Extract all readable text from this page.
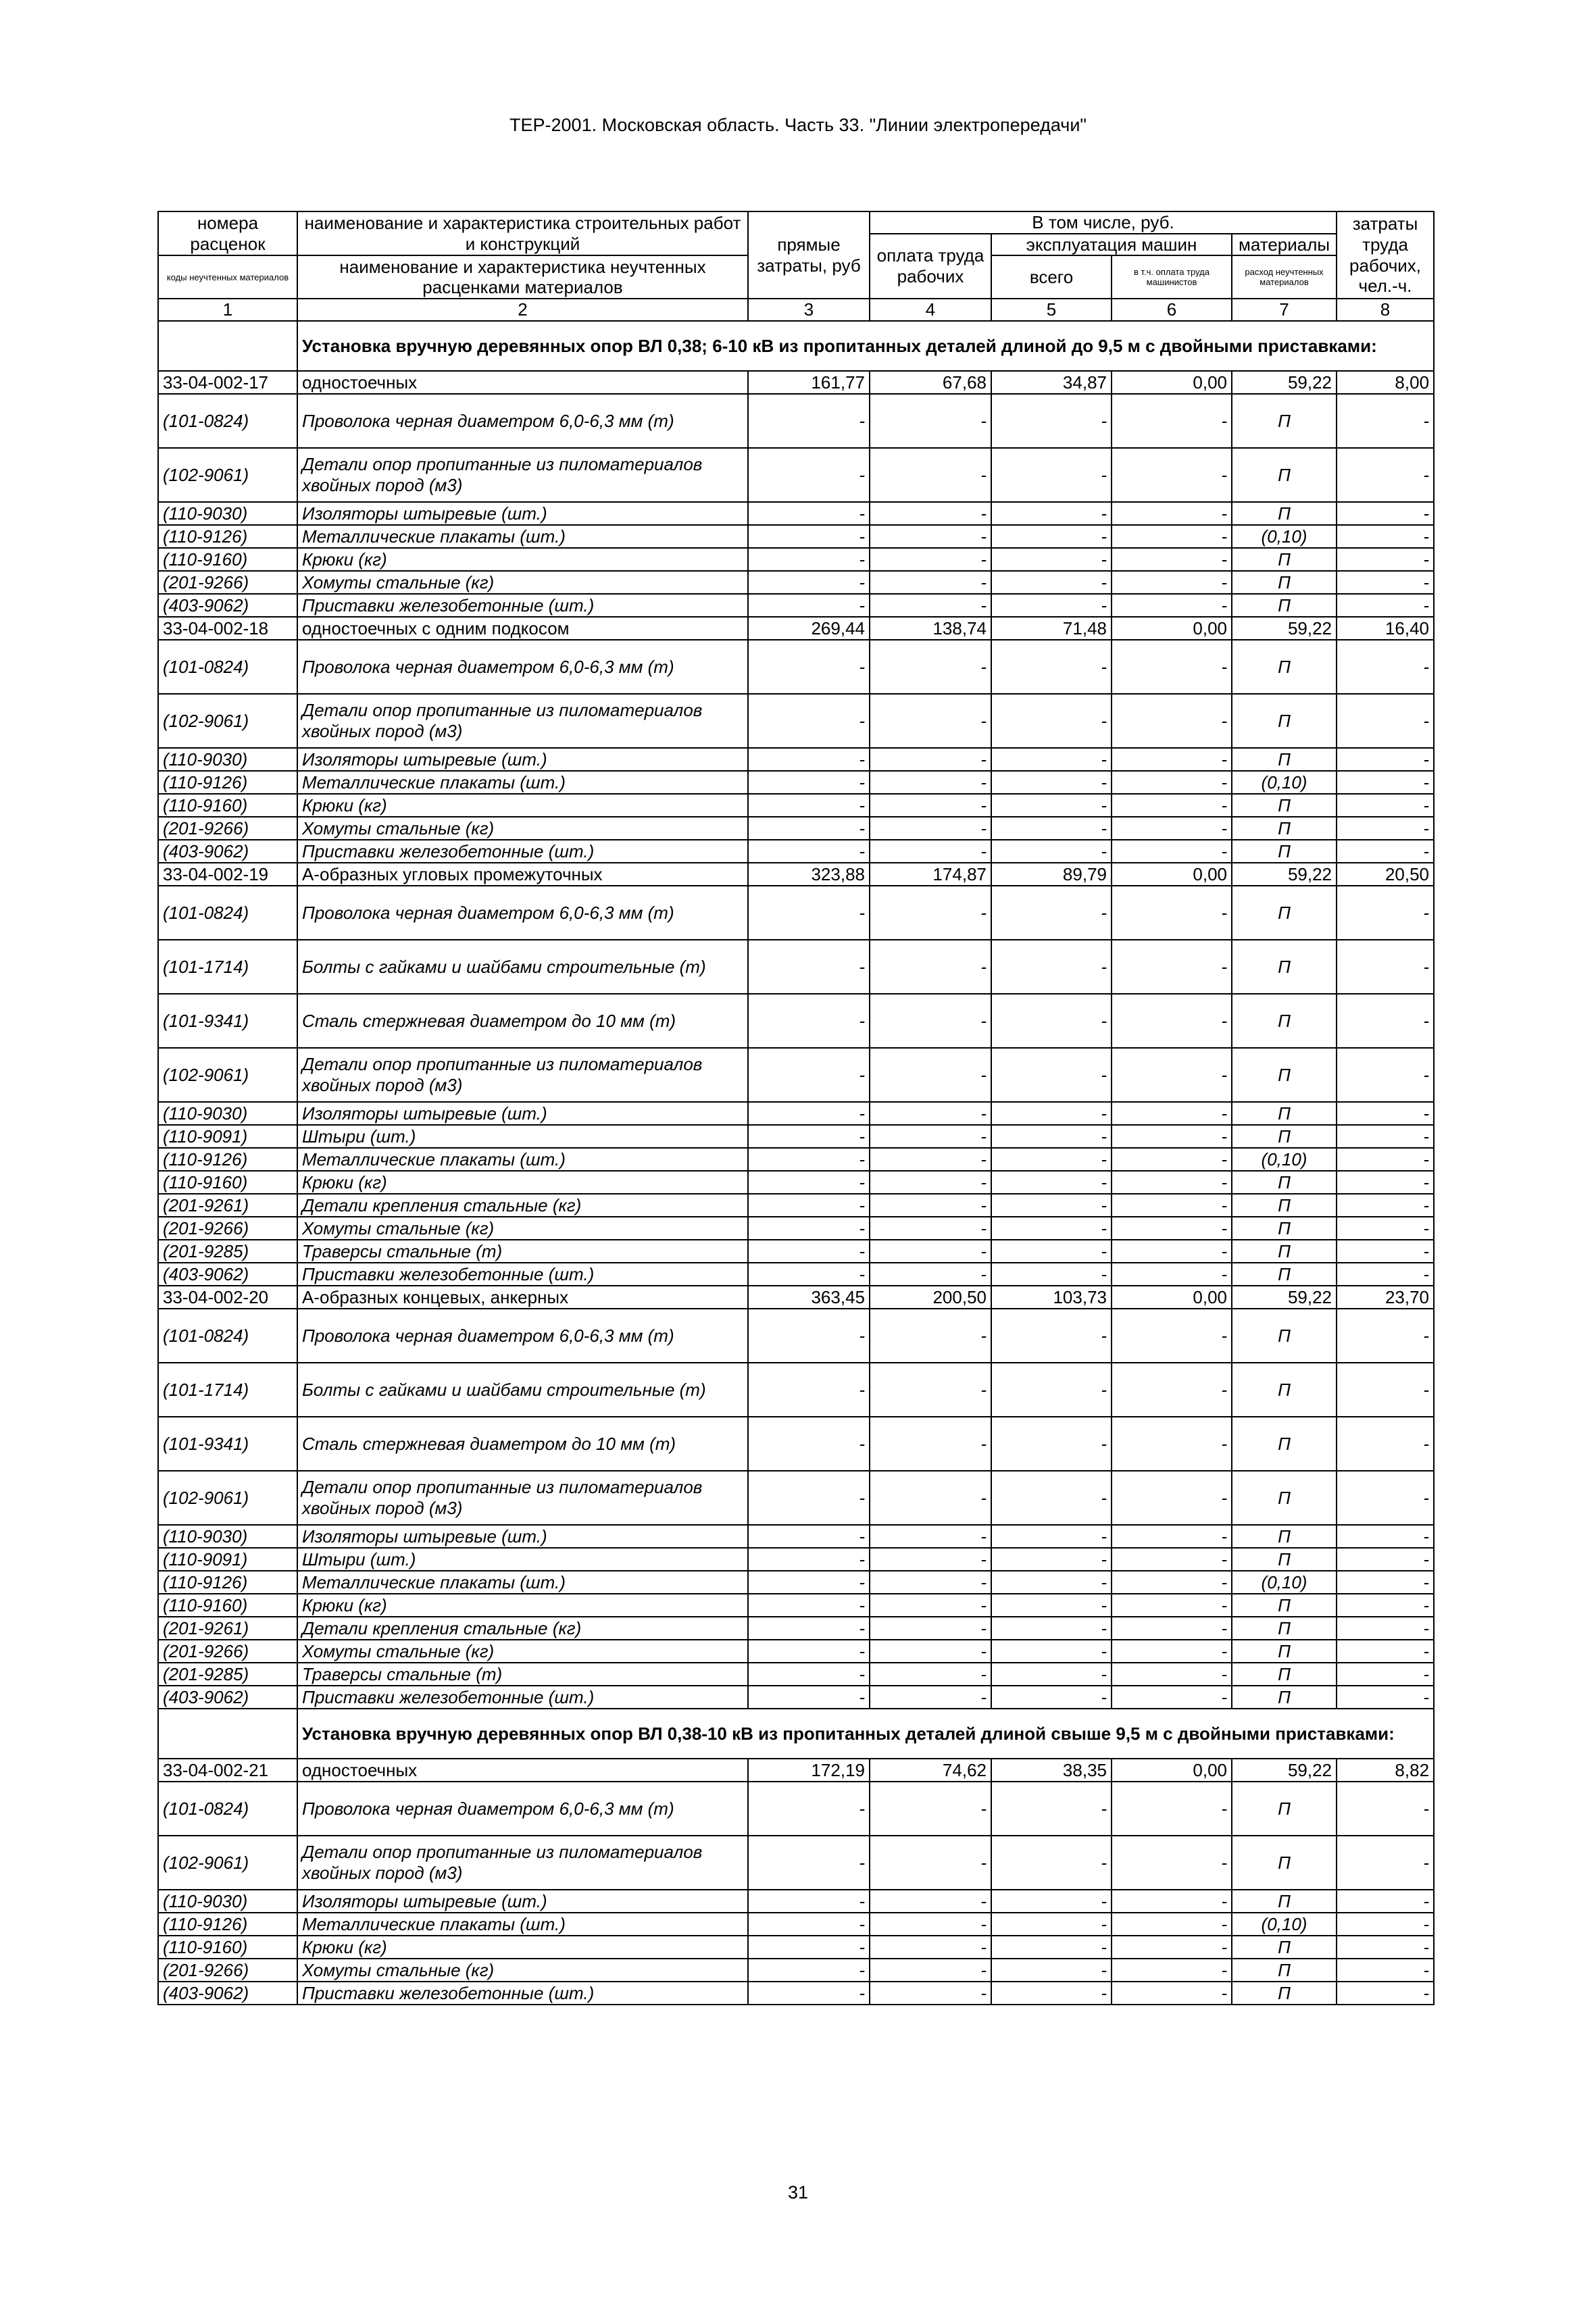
ТЕР-2001. Московская область. Часть 33. "Линии электропередачи"
номера расценок	наименование и характеристика строительных работ и конструкций	прямые затраты, руб	В том числе, руб.				затраты труда рабочих, чел.-ч.
			оплата труда рабочих	эксплуатация машин		материалы	
коды неучтенных материалов	наименование и характеристика неучтенных расценками материалов			всего	в т.ч. оплата труда машинистов	расход неучтенных материалов	

1	2	3	4	5	6	7	8
	Установка вручную деревянных опор ВЛ 0,38; 6-10 кВ из пропитанных деталей длиной до 9,5 м с двойными приставками:						
33-04-002-17	одностоечных	161,77	67,68	34,87	0,00	59,22	8,00
(101-0824)	Проволока черная диаметром 6,0-6,3 мм (т)	-	-	-	-	П	-
(102-9061)	Детали опор пропитанные из пиломатериалов хвойных пород (м3)	-	-	-	-	П	-
(110-9030)	Изоляторы штыревые (шт.)	-	-	-	-	П	-
(110-9126)	Металлические плакаты (шт.)	-	-	-	-	(0,10)	-
(110-9160)	Крюки (кг)	-	-	-	-	П	-
(201-9266)	Хомуты стальные (кг)	-	-	-	-	П	-
(403-9062)	Приставки железобетонные (шт.)	-	-	-	-	П	-
33-04-002-18	одностоечных с одним подкосом	269,44	138,74	71,48	0,00	59,22	16,40
(101-0824)	Проволока черная диаметром 6,0-6,3 мм (т)	-	-	-	-	П	-
(102-9061)	Детали опор пропитанные из пиломатериалов хвойных пород (м3)	-	-	-	-	П	-
(110-9030)	Изоляторы штыревые (шт.)	-	-	-	-	П	-
(110-9126)	Металлические плакаты (шт.)	-	-	-	-	(0,10)	-
(110-9160)	Крюки (кг)	-	-	-	-	П	-
(201-9266)	Хомуты стальные (кг)	-	-	-	-	П	-
(403-9062)	Приставки железобетонные (шт.)	-	-	-	-	П	-
33-04-002-19	А-образных угловых промежуточных	323,88	174,87	89,79	0,00	59,22	20,50
(101-0824)	Проволока черная диаметром 6,0-6,3 мм (т)	-	-	-	-	П	-
(101-1714)	Болты с гайками и шайбами строительные (т)	-	-	-	-	П	-
(101-9341)	Сталь стержневая диаметром до 10 мм (т)	-	-	-	-	П	-
(102-9061)	Детали опор пропитанные из пиломатериалов хвойных пород (м3)	-	-	-	-	П	-
(110-9030)	Изоляторы штыревые (шт.)	-	-	-	-	П	-
(110-9091)	Штыри (шт.)	-	-	-	-	П	-
(110-9126)	Металлические плакаты (шт.)	-	-	-	-	(0,10)	-
(110-9160)	Крюки (кг)	-	-	-	-	П	-
(201-9261)	Детали крепления стальные (кг)	-	-	-	-	П	-
(201-9266)	Хомуты стальные (кг)	-	-	-	-	П	-
(201-9285)	Траверсы стальные (т)	-	-	-	-	П	-
(403-9062)	Приставки железобетонные (шт.)	-	-	-	-	П	-
33-04-002-20	А-образных концевых, анкерных	363,45	200,50	103,73	0,00	59,22	23,70
(101-0824)	Проволока черная диаметром 6,0-6,3 мм (т)	-	-	-	-	П	-
(101-1714)	Болты с гайками и шайбами строительные (т)	-	-	-	-	П	-
(101-9341)	Сталь стержневая диаметром до 10 мм (т)	-	-	-	-	П	-
(102-9061)	Детали опор пропитанные из пиломатериалов хвойных пород (м3)	-	-	-	-	П	-
(110-9030)	Изоляторы штыревые (шт.)	-	-	-	-	П	-
(110-9091)	Штыри (шт.)	-	-	-	-	П	-
(110-9126)	Металлические плакаты (шт.)	-	-	-	-	(0,10)	-
(110-9160)	Крюки (кг)	-	-	-	-	П	-
(201-9261)	Детали крепления стальные (кг)	-	-	-	-	П	-
(201-9266)	Хомуты стальные (кг)	-	-	-	-	П	-
(201-9285)	Траверсы стальные (т)	-	-	-	-	П	-
(403-9062)	Приставки железобетонные (шт.)	-	-	-	-	П	-
	Установка вручную деревянных опор ВЛ 0,38-10 кВ из пропитанных деталей длиной свыше 9,5 м с двойными приставками:						
33-04-002-21	одностоечных	172,19	74,62	38,35	0,00	59,22	8,82
(101-0824)	Проволока черная диаметром 6,0-6,3 мм (т)	-	-	-	-	П	-
(102-9061)	Детали опор пропитанные из пиломатериалов хвойных пород (м3)	-	-	-	-	П	-
(110-9030)	Изоляторы штыревые (шт.)	-	-	-	-	П	-
(110-9126)	Металлические плакаты (шт.)	-	-	-	-	(0,10)	-
(110-9160)	Крюки (кг)	-	-	-	-	П	-
(201-9266)	Хомуты стальные (кг)	-	-	-	-	П	-
(403-9062)	Приставки железобетонные (шт.)	-	-	-	-	П	-
31
